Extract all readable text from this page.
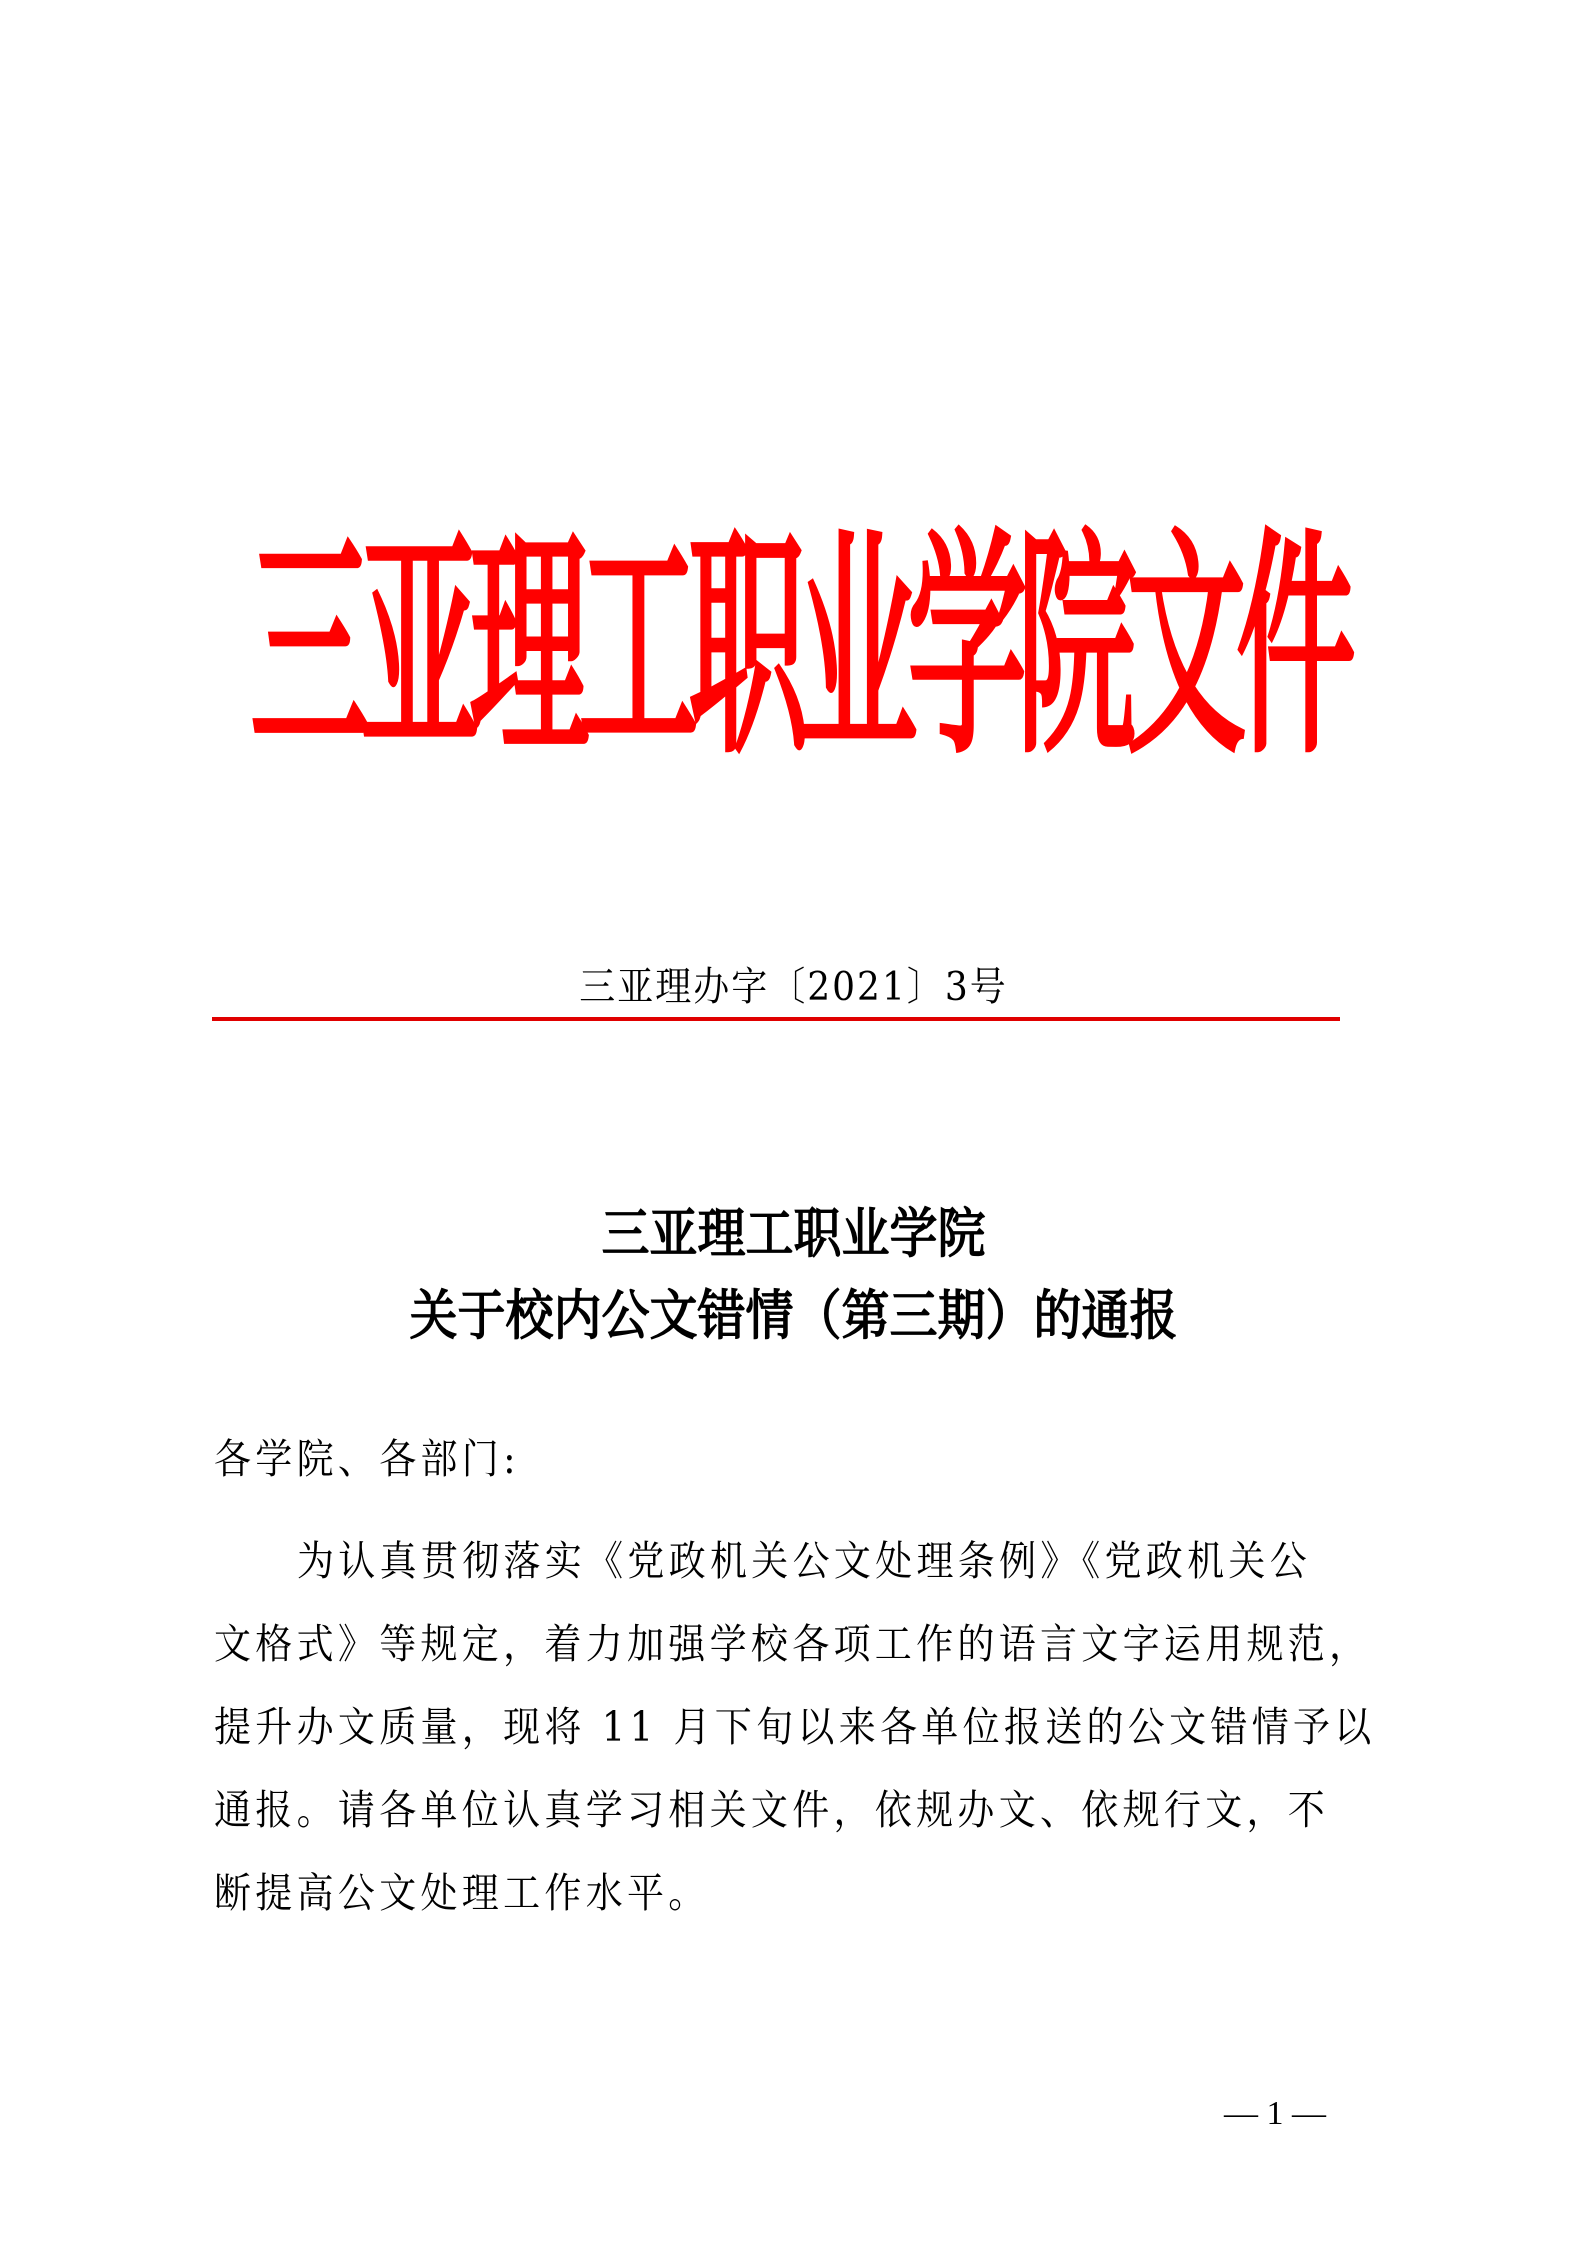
三
亚
理
工
职
业
学
院
文
件
三亚理办字〔2021〕3号
三亚理工职业学院
关于校内公文错情（第三期）的通报
各学院、各部门:
为认真贯彻落实《党政机关公文处理条例》《党政机关公
文格式》等规定，着力加强学校各项工作的语言文字运用规范，
提升办文质量，现将 11 月下旬以来各单位报送的公文错情予以
通报。请各单位认真学习相关文件，依规办文、依规行文，不
断提高公文处理工作水平。
— 1 —
